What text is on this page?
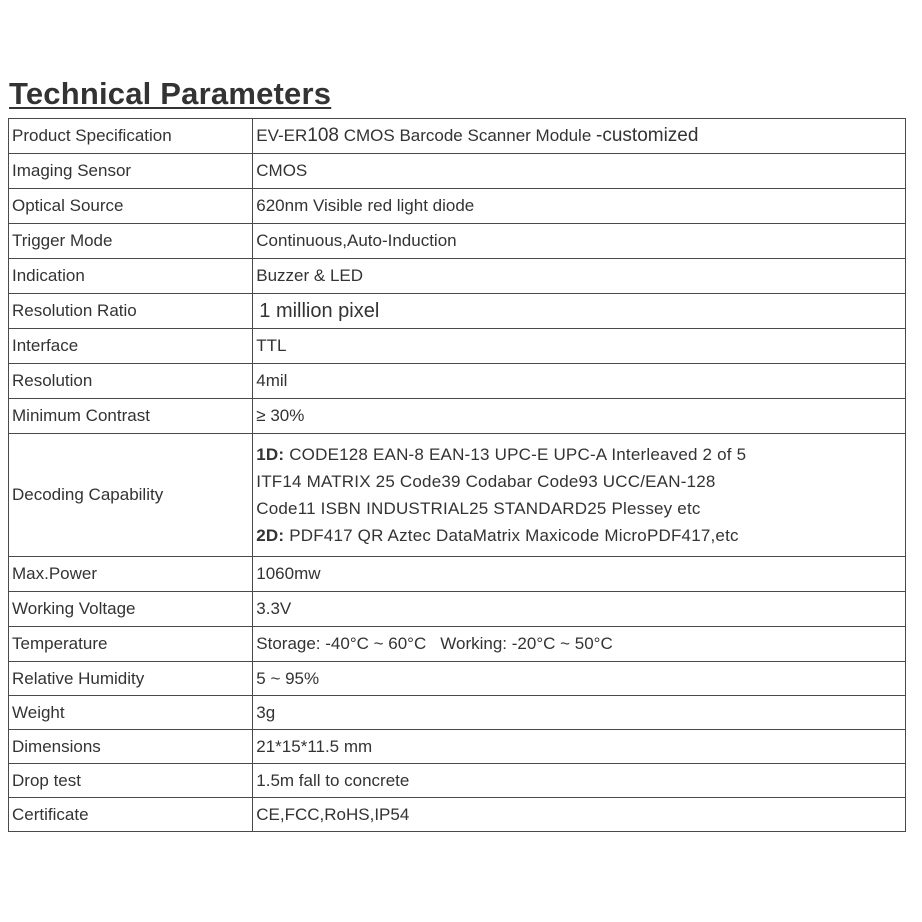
Technical Parameters
Product Specification	EV-ER108 CMOS Barcode Scanner Module -customized
Imaging Sensor	CMOS
Optical Source	620nm Visible red light diode
Trigger Mode	Continuous,Auto-Induction
Indication	Buzzer & LED
Resolution Ratio	1 million pixel
Interface	TTL
Resolution	4mil
Minimum Contrast	≥ 30%
Decoding Capability	1D: CODE128 EAN-8 EAN-13 UPC-E UPC-A Interleaved 2 of 5
ITF14 MATRIX 25 Code39 Codabar Code93 UCC/EAN-128
Code11 ISBN INDUSTRIAL25 STANDARD25 Plessey etc
2D: PDF417 QR Aztec DataMatrix Maxicode MicroPDF417,etc

Max.Power	1060mw
Working Voltage	3.3V
Temperature	Storage: -40°C ~ 60°C Working: -20°C ~ 50°C
Relative Humidity	5 ~ 95%
Weight	3g
Dimensions	21*15*11.5 mm
Drop test	1.5m fall to concrete
Certificate	CE,FCC,RoHS,IP54
